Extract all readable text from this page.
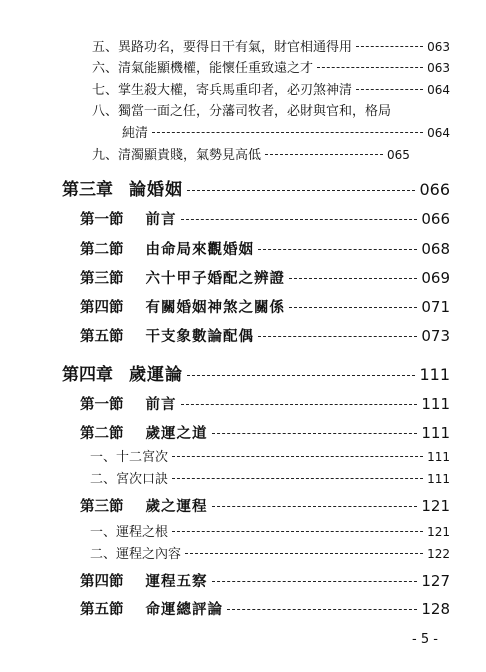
五、異路功名，要得日干有氣，財官相通得用	063
六、清氣能顯機權，能懷任重致遠之才	063
七、掌生殺大權，寄兵馬重印者，必刃煞神清	064
八、獨當一面之任，分藩司牧者，必財與官和，格局
純清	064
九、清濁顯貴賤，氣勢見高低	065
第三章 論婚姻	066
第一節 前言	066
第二節 由命局來觀婚姻	068
第三節 六十甲子婚配之辨證	069
第四節 有關婚姻神煞之關係	071
第五節 干支象數論配偶	073
第四章 歲運論	111
第一節 前言	111
第二節 歲運之道	111
一、十二宮次	111
二、宮次口訣	111
第三節 歲之運程	121
一、運程之根	121
二、運程之內容	122
第四節 運程五察	127
第五節 命運總評論	128
- 5 -
